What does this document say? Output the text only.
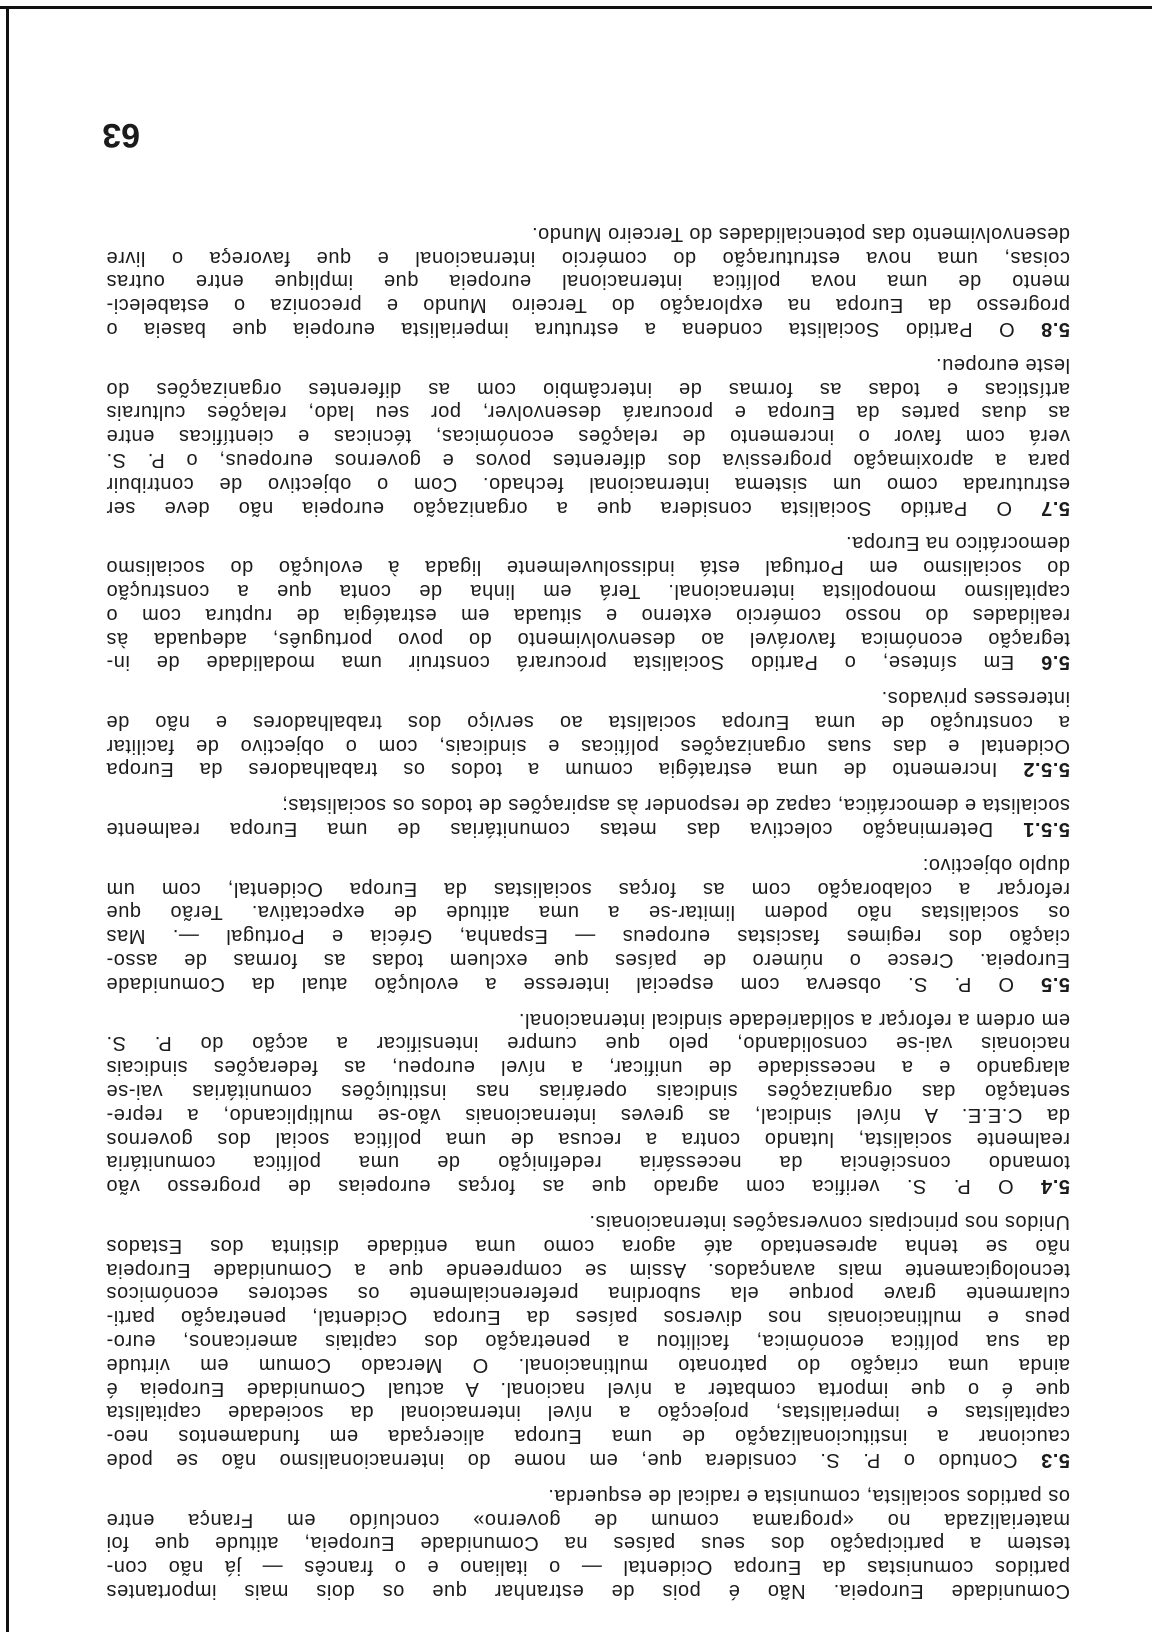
Comunidade Europeia. Não é pois de estranhar que os dois mais importantes
partidos comunistas da Europa Ocidental — o italiano e o francês — já não con-
testem a participação dos seus países na Comunidade Europeia, atitude que foi
materializada no «programa comum de governo» concluído em França entre
os partidos socialista, comunista e radical de esquerda.
5.3 Contudo o P. S. considera que, em nome do internacionalismo não se pode
caucionar a institucionalização de uma Europa alicerçada em fundamentos neo-
capitalistas e imperialistas, projecção a nível internacional da sociedade capitalista
que é o que importa combater a nível nacional. A actual Comunidade Europeia é
ainda uma criação do patronato multinacional. O Mercado Comum em virtude
da sua política económica, facilitou a penetração dos capitais americanos, euro-
peus e multinacionais nos diversos países da Europa Ocidental, penetração parti-
cularmente grave porque ela subordina preferencialmente os sectores económicos
tecnologicamente mais avançados. Assim se compreende que a Comunidade Europeia
não se tenha apresentado até agora como uma entidade distinta dos Estados
Unidos nos principais conversações internacionais.
5.4 O P. S. verifica com agrado que as forças europeias de progresso vão
tomando consciência da necessária redefinição de uma política comunitária
realmente socialista, lutando contra a recusa de uma política social dos governos
da C.E.E. A nível sindical, as greves internacionais vão-se multiplicando, a repre-
sentação das organizações sindicais operárias nas instituições comunitárias vai-se
alargando e a necessidade de unificar, a nível europeu, as federações sindicais
nacionais vai-se consolidando, pelo que cumpre intensificar a acção do P. S.
em ordem a reforçar a solidariedade sindical internacional.
5.5 O P. S. observa com especial interesse a evolução atual da Comunidade
Europeia. Cresce o número de países que excluem todas as formas de asso-
ciação dos regimes fascistas europeus — Espanha, Grécia e Portugal —. Mas
os socialistas não podem limitar-se a uma atitude de expectativa. Terão que
reforçar a colaboração com as forças socialistas da Europa Ocidental, com um
duplo objectivo:
5.5.1 Determinação colectiva das metas comunitárias de uma Europa realmente
socialista e democrática, capaz de responder às aspirações de todos os socialistas;
5.5.2 Incremento de uma estratégia comum a todos os trabalhadores da Europa
Ocidental e das suas organizações políticas e sindicais, com o objectivo de facilitar
a construção de uma Europa socialista ao serviço dos trabalhadores e não de
interesses privados.
5.6 Em síntese, o Partido Socialista procurará construir uma modalidade de in-
tegração económica favorável ao desenvolvimento do povo português, adequada às
realidades do nosso comércio externo e situada em estratégia de ruptura com o
capitalismo monopolista internacional. Terá em linha de conta que a construção
do socialismo em Portugal está indissoluvelmente ligada à evolução do socialismo
democrático na Europa.
5.7 O Partido Socialista considera que a organização europeia não deve ser
estruturada como um sistema internacional fechado. Com o objectivo de contribuir
para a aproximação progressiva dos diferentes povos e governos europeus, o P. S.
verá com favor o incremento de relações económicas, técnicas e científicas entre
as duas partes da Europa e procurará desenvolver, por seu lado, relações culturais
artísticas e todas as formas de intercâmbio com as diferentes organizações do
leste europeu.
5.8 O Partido Socialista condena a estrutura imperialista europeia que baseia o
progresso da Europa na exploração do Terceiro Mundo e preconiza o estabeleci-
mento de uma nova política internacional europeia que implique entre outras
coisas, uma nova estruturação do comércio internacional e que favoreça o livre
desenvolvimento das potencialidades do Terceiro Mundo.
63
